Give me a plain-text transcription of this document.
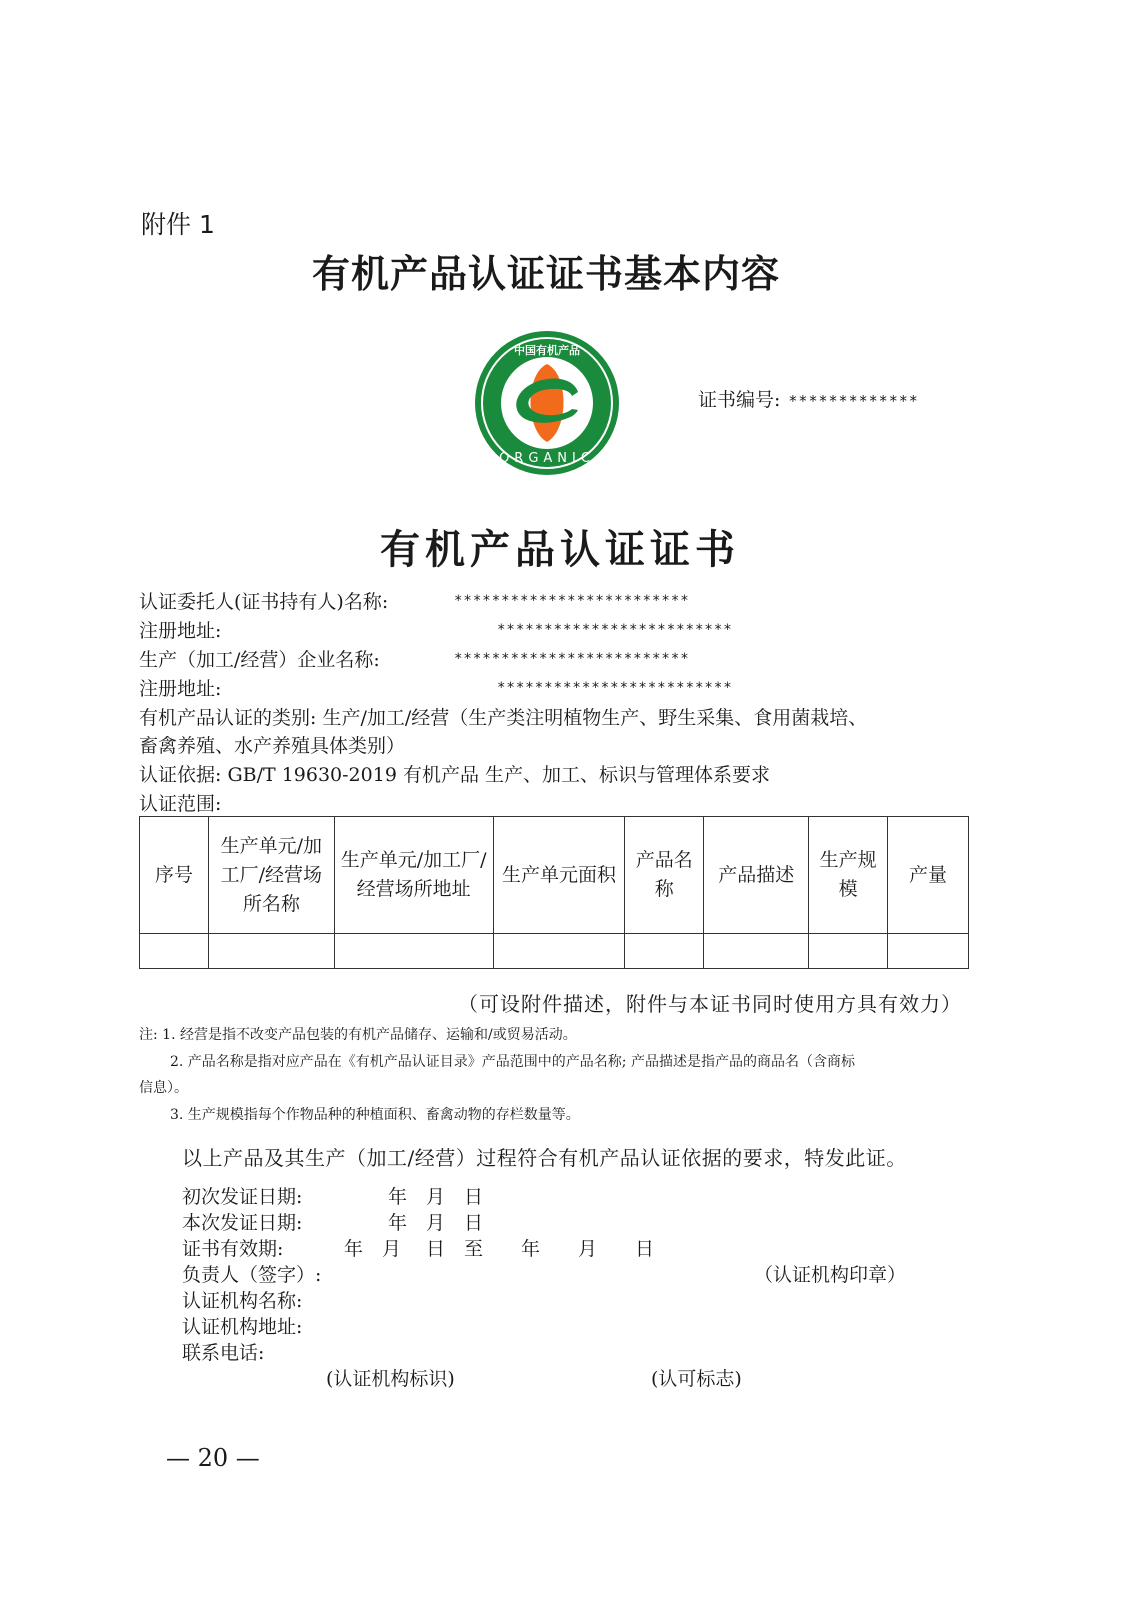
附件 1
有机产品认证证书基本内容
中国有机产品
ORGANIC
证书编号: *************
有机产品认证证书
认证委托人(证书持有人)名称:	*************************
注册地址:	*************************
生产（加工/经营）企业名称:	*************************
注册地址:	*************************
有机产品认证的类别: 生产/加工/经营（生产类注明植物生产、野生采集、食用菌栽培、
畜禽养殖、水产养殖具体类别）
认证依据: GB/T 19630-2019 有机产品 生产、加工、标识与管理体系要求
认证范围:
序号	生产单元/加工厂/经营场所名称	生产单元/加工厂/经营场所地址	生产单元面积	产品名称	产品描述	生产规模	产量

（可设附件描述，附件与本证书同时使用方具有效力）
注: 1. 经营是指不改变产品包装的有机产品储存、运输和/或贸易活动。
2. 产品名称是指对应产品在《有机产品认证目录》产品范围中的产品名称; 产品描述是指产品的商品名（含商标
信息）。
3. 生产规模指每个作物品种的种植面积、畜禽动物的存栏数量等。
以上产品及其生产（加工/经营）过程符合有机产品认证依据的要求，特发此证。
初次发证日期:	年　月　日
本次发证日期:	年　月　日
证书有效期:	年　月　 日　至　　年　　月　　日
负责人（签字）:	（认证机构印章）
认证机构名称:
认证机构地址:
联系电话:
(认证机构标识)	(认可标志)
— 20 —
